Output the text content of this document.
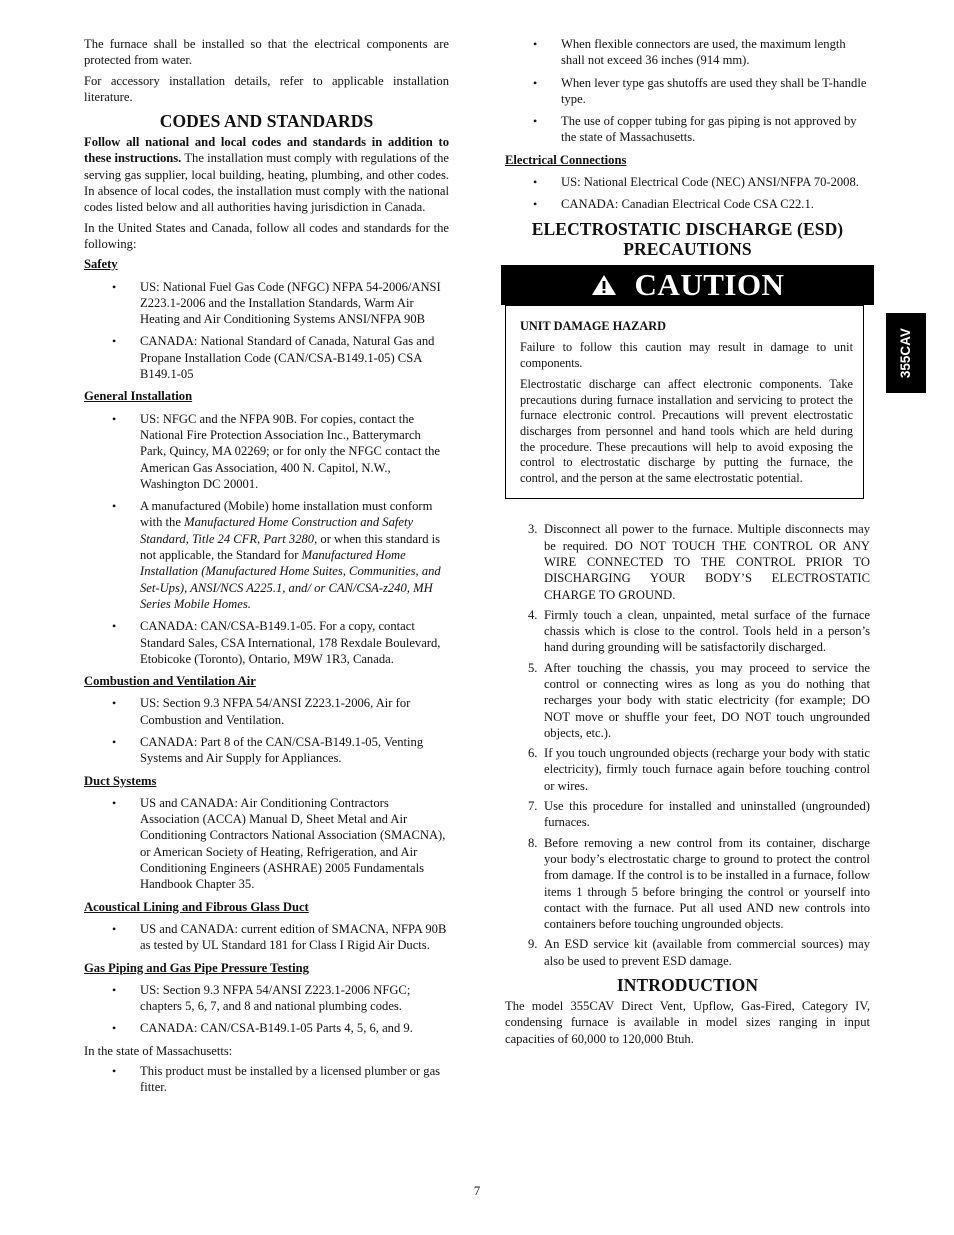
The furnace shall be installed so that the electrical components are protected from water.

For accessory installation details, refer to applicable installation literature.

CODES AND STANDARDS

Follow all national and local codes and standards in addition to these instructions. The installation must comply with regulations of the serving gas supplier, local building, heating, plumbing, and other codes. In absence of local codes, the installation must comply with the national codes listed below and all authorities having jurisdiction in Canada.

In the United States and Canada, follow all codes and standards for the following:

Safety
• US: National Fuel Gas Code (NFGC) NFPA 54-2006/ANSI Z223.1-2006 and the Installation Standards, Warm Air Heating and Air Conditioning Systems ANSI/NFPA 90B
• CANADA: National Standard of Canada, Natural Gas and Propane Installation Code (CAN/CSA-B149.1-05) CSA B149.1-05
General Installation
• US: NFGC and the NFPA 90B. For copies, contact the National Fire Protection Association Inc., Batterymarch Park, Quincy, MA 02269; or for only the NFGC contact the American Gas Association, 400 N. Capitol, N.W., Washington DC 20001.
• A manufactured (Mobile) home installation must conform with the Manufactured Home Construction and Safety Standard, Title 24 CFR, Part 3280, or when this standard is not applicable, the Standard for Manufactured Home Installation (Manufactured Home Suites, Communities, and Set-Ups), ANSI/NCS A225.1, and/ or CAN/CSA-z240, MH Series Mobile Homes.
• CANADA: CAN/CSA-B149.1-05. For a copy, contact Standard Sales, CSA International, 178 Rexdale Boulevard, Etobicoke (Toronto), Ontario, M9W 1R3, Canada.
Combustion and Ventilation Air
• US: Section 9.3 NFPA 54/ANSI Z223.1-2006, Air for Combustion and Ventilation.
• CANADA: Part 8 of the CAN/CSA-B149.1-05, Venting Systems and Air Supply for Appliances.
Duct Systems
• US and CANADA: Air Conditioning Contractors Association (ACCA) Manual D, Sheet Metal and Air Conditioning Contractors National Association (SMACNA), or American Society of Heating, Refrigeration, and Air Conditioning Engineers (ASHRAE) 2005 Fundamentals Handbook Chapter 35.
Acoustical Lining and Fibrous Glass Duct
• US and CANADA: current edition of SMACNA, NFPA 90B as tested by UL Standard 181 for Class I Rigid Air Ducts.
Gas Piping and Gas Pipe Pressure Testing
• US: Section 9.3 NFPA 54/ANSI Z223.1-2006 NFGC; chapters 5, 6, 7, and 8 and national plumbing codes.
• CANADA: CAN/CSA-B149.1-05 Parts 4, 5, 6, and 9.

In the state of Massachusetts:

• This product must be installed by a licensed plumber or gas fitter.
• When flexible connectors are used, the maximum length shall not exceed 36 inches (914 mm).
• When lever type gas shutoffs are used they shall be T-handle type.
• The use of copper tubing for gas piping is not approved by the state of Massachusetts.
Electrical Connections
• US: National Electrical Code (NEC) ANSI/NFPA 70-2008.
• CANADA: Canadian Electrical Code CSA C22.1.
ELECTROSTATIC DISCHARGE (ESD)
PRECAUTIONS
CAUTION
UNIT DAMAGE HAZARD

Failure to follow this caution may result in damage to unit components.

Electrostatic discharge can affect electronic components. Take precautions during furnace installation and servicing to protect the furnace electronic control. Precautions will prevent electrostatic discharges from personnel and hand tools which are held during the procedure. These precautions will help to avoid exposing the control to electrostatic discharge by putting the furnace, the control, and the person at the same electrostatic potential.

3. Disconnect all power to the furnace. Multiple disconnects may be required. DO NOT TOUCH THE CONTROL OR ANY WIRE CONNECTED TO THE CONTROL PRIOR TO DISCHARGING YOUR BODY’S ELECTROSTATIC CHARGE TO GROUND.
4. Firmly touch a clean, unpainted, metal surface of the furnace chassis which is close to the control. Tools held in a person’s hand during grounding will be satisfactorily discharged.
5. After touching the chassis, you may proceed to service the control or connecting wires as long as you do nothing that recharges your body with static electricity (for example; DO NOT move or shuffle your feet, DO NOT touch ungrounded objects, etc.).
6. If you touch ungrounded objects (recharge your body with static electricity), firmly touch furnace again before touching control or wires.
7. Use this procedure for installed and uninstalled (ungrounded) furnaces.
8. Before removing a new control from its container, discharge your body’s electrostatic charge to ground to protect the control from damage. If the control is to be installed in a furnace, follow items 1 through 5 before bringing the control or yourself into contact with the furnace. Put all used AND new controls into containers before touching ungrounded objects.
9. An ESD service kit (available from commercial sources) may also be used to prevent ESD damage.
INTRODUCTION

The model 355CAV Direct Vent, Upflow, Gas-Fired, Category IV, condensing furnace is available in model sizes ranging in input capacities of 60,000 to 120,000 Btuh.

355CAV
7
